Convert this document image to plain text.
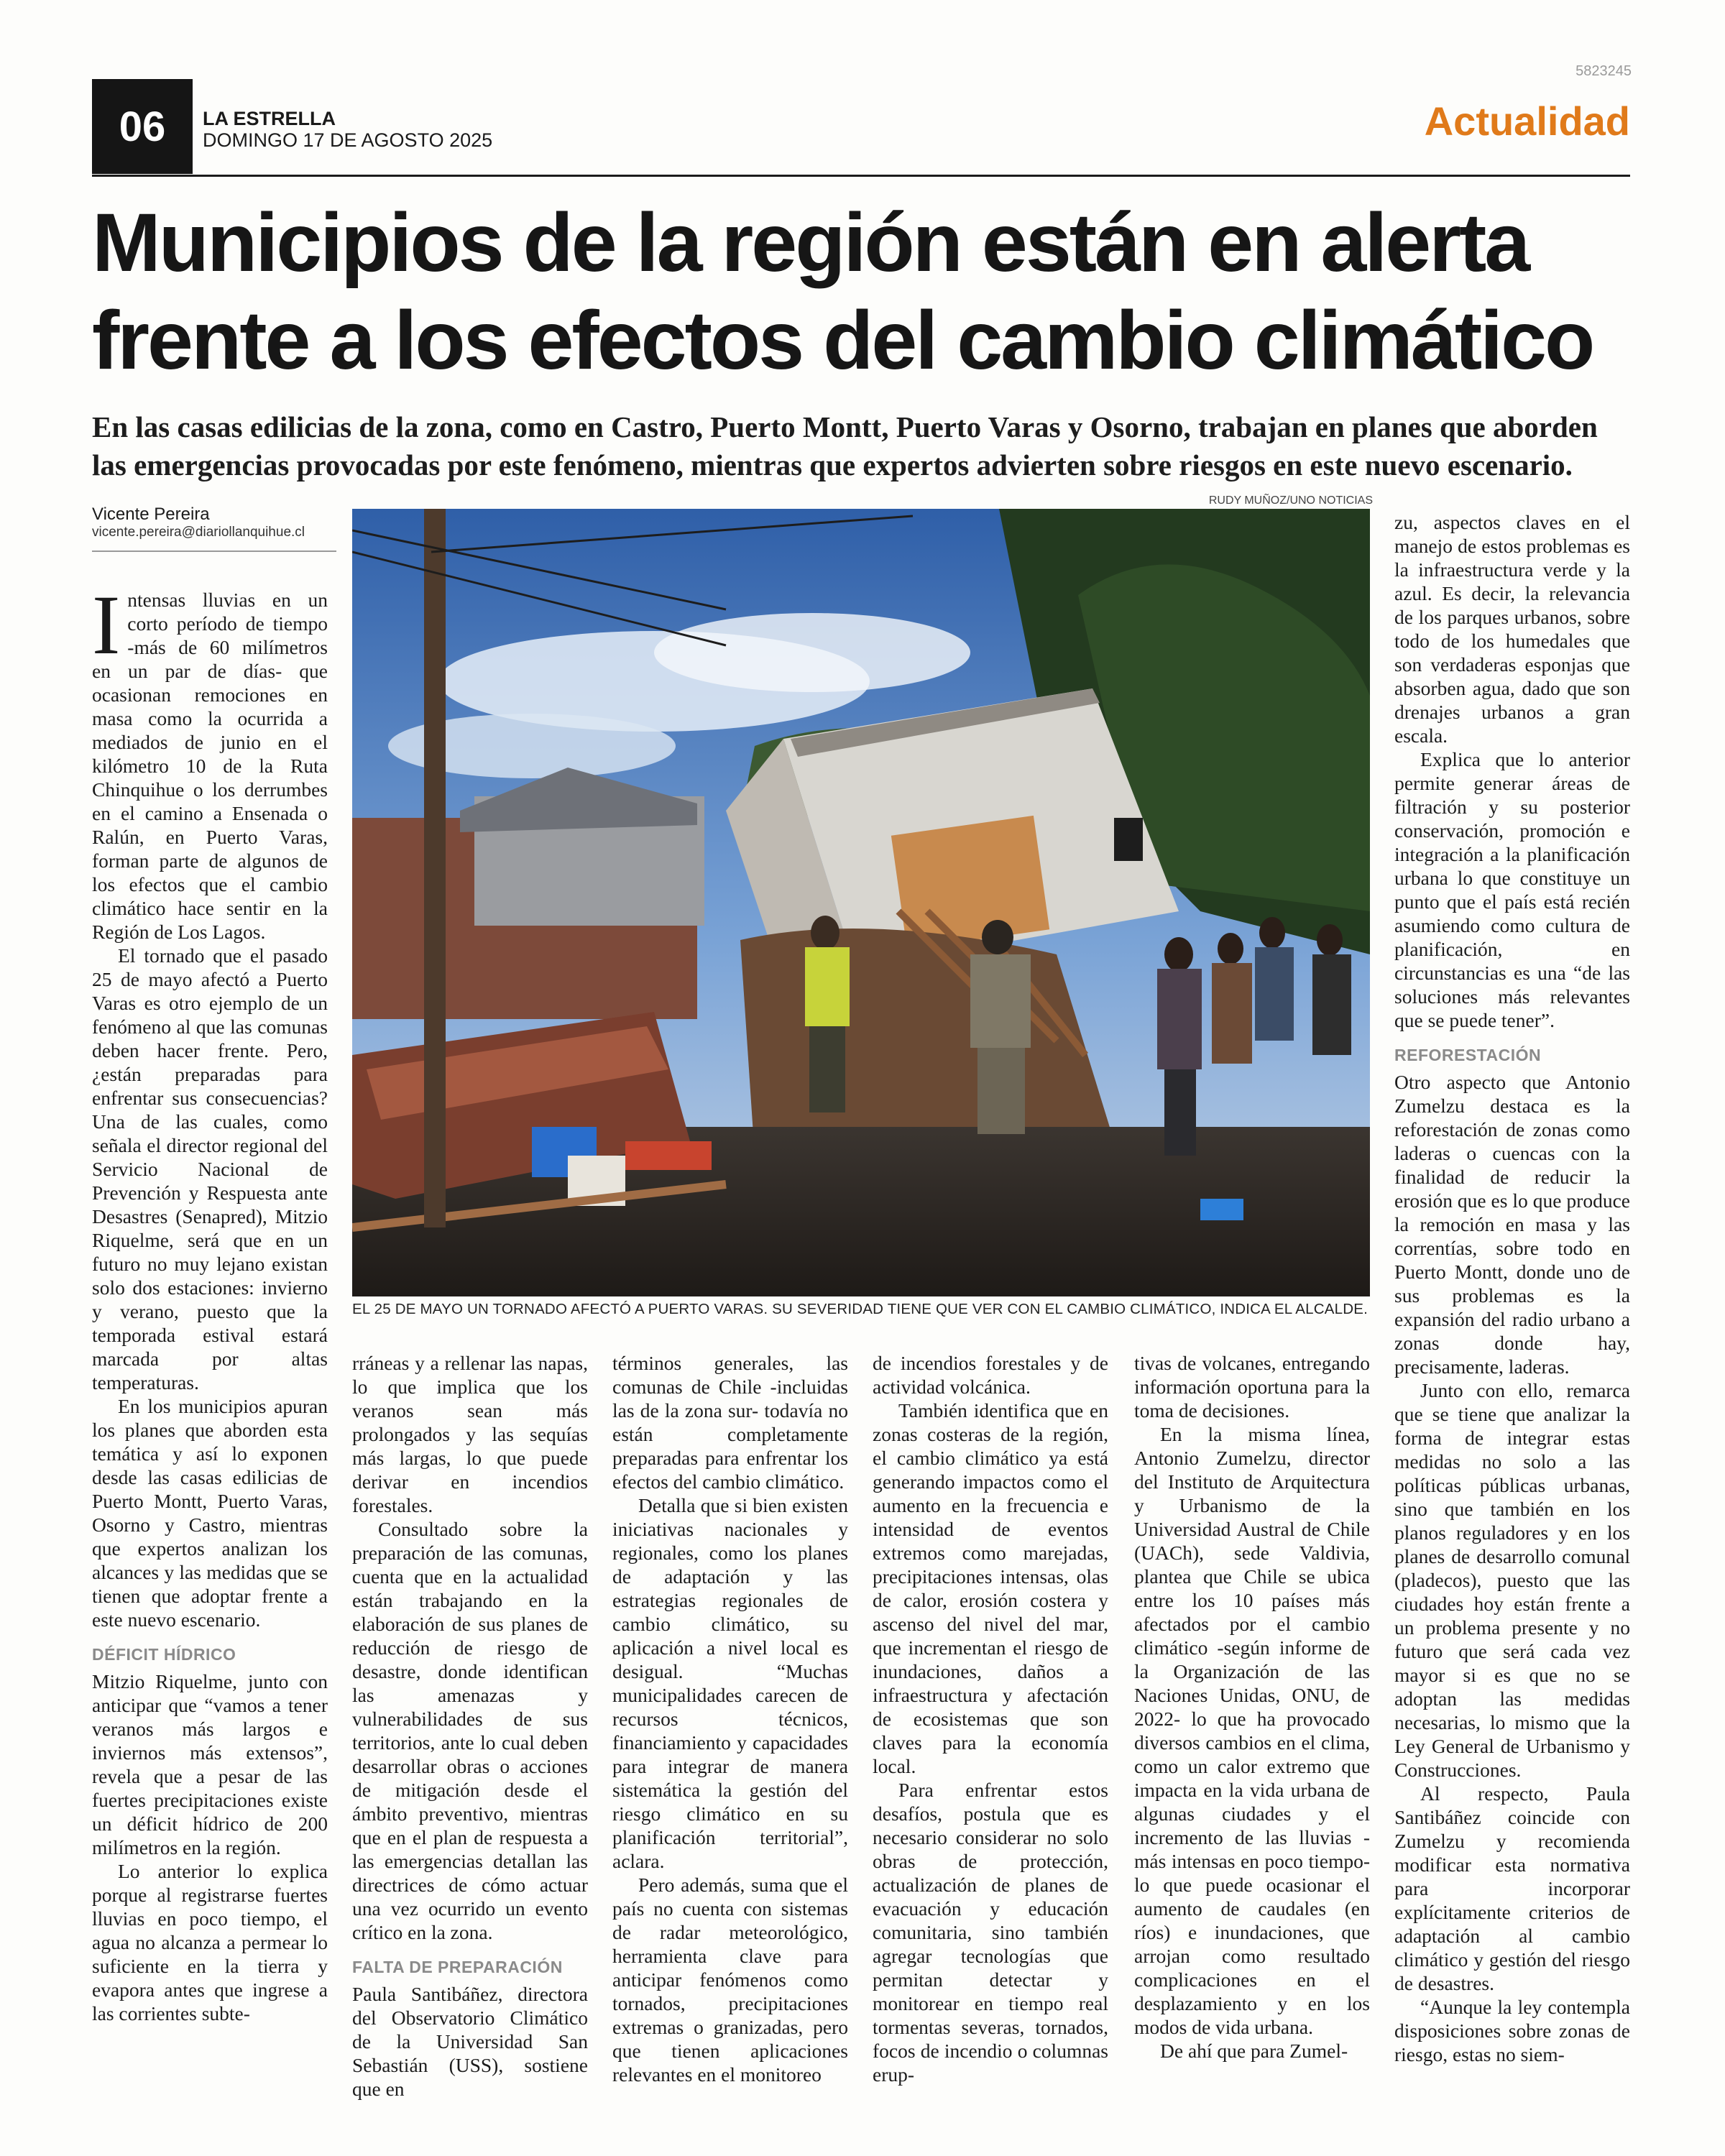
5823245
06	LA ESTRELLA
DOMINGO 17 DE AGOSTO 2025	Actualidad
Municipios de la región están en alerta frente a los efectos del cambio climático
En las casas edilicias de la zona, como en Castro, Puerto Montt, Puerto Varas y Osorno, trabajan en planes que aborden las emergencias provocadas por este fenómeno, mientras que expertos advierten sobre riesgos en este nuevo escenario.
Vicente Pereira
vicente.pereira@diariollanquihue.cl
RUDY MUÑOZ/UNO NOTICIAS
EL 25 DE MAYO UN TORNADO AFECTÓ A PUERTO VARAS. SU SEVERIDAD TIENE QUE VER CON EL CAMBIO CLIMÁTICO, INDICA EL ALCALDE.
I ntensas lluvias en un corto período de tiempo -más de 60 milímetros en un par de días- que ocasionan remociones en masa como la ocurrida a mediados de junio en el kilómetro 10 de la Ruta Chinquihue o los derrumbes en el camino a Ensenada o Ralún, en Puerto Varas, forman parte de algunos de los efectos que el cambio climático hace sentir en la Región de Los Lagos.

El tornado que el pasado 25 de mayo afectó a Puerto Varas es otro ejemplo de un fenómeno al que las comunas deben hacer frente. Pero, ¿están preparadas para enfrentar sus consecuencias? Una de las cuales, como señala el director regional del Servicio Nacional de Prevención y Respuesta ante Desastres (Senapred), Mitzio Riquelme, será que en un futuro no muy lejano existan solo dos estaciones: invierno y verano, puesto que la temporada estival estará marcada por altas temperaturas.

En los municipios apuran los planes que aborden esta temática y así lo exponen desde las casas edilicias de Puerto Montt, Puerto Varas, Osorno y Castro, mientras que expertos analizan los alcances y las medidas que se tienen que adoptar frente a este nuevo escenario.

DÉFICIT HÍDRICO

Mitzio Riquelme, junto con anticipar que “vamos a tener veranos más largos e inviernos más extensos”, revela que a pesar de las fuertes precipitaciones existe un déficit hídrico de 200 milímetros en la región.

Lo anterior lo explica porque al registrarse fuertes lluvias en poco tiempo, el agua no alcanza a permear lo suficiente en la tierra y evapora antes que ingrese a las corrientes subte-

rráneas y a rellenar las napas, lo que implica que los veranos sean más prolongados y las sequías más largas, lo que puede derivar en incendios forestales.

Consultado sobre la preparación de las comunas, cuenta que en la actualidad están trabajando en la elaboración de sus planes de reducción de riesgo de desastre, donde identifican las amenazas y vulnerabilidades de sus territorios, ante lo cual deben desarrollar obras o acciones de mitigación desde el ámbito preventivo, mientras que en el plan de respuesta a las emergencias detallan las directrices de cómo actuar una vez ocurrido un evento crítico en la zona.

FALTA DE PREPARACIÓN

Paula Santibáñez, directora del Observatorio Climático de la Universidad San Sebastián (USS), sostiene que en

términos generales, las comunas de Chile -incluidas las de la zona sur- todavía no están completamente preparadas para enfrentar los efectos del cambio climático.

Detalla que si bien existen iniciativas nacionales y regionales, como los planes de adaptación y las estrategias regionales de cambio climático, su aplicación a nivel local es desigual. “Muchas municipalidades carecen de recursos técnicos, financiamiento y capacidades para integrar de manera sistemática la gestión del riesgo climático en su planificación territorial”, aclara.

Pero además, suma que el país no cuenta con sistemas de radar meteorológico, herramienta clave para anticipar fenómenos como tornados, precipitaciones extremas o granizadas, pero que tienen aplicaciones relevantes en el monitoreo

de incendios forestales y de actividad volcánica.

También identifica que en zonas costeras de la región, el cambio climático ya está generando impactos como el aumento en la frecuencia e intensidad de eventos extremos como marejadas, precipitaciones intensas, olas de calor, erosión costera y ascenso del nivel del mar, que incrementan el riesgo de inundaciones, daños a infraestructura y afectación de ecosistemas que son claves para la economía local.

Para enfrentar estos desafíos, postula que es necesario considerar no solo obras de protección, actualización de planes de evacuación y educación comunitaria, sino también agregar tecnologías que permitan detectar y monitorear en tiempo real tormentas severas, tornados, focos de incendio o columnas erup-

tivas de volcanes, entregando información oportuna para la toma de decisiones.

En la misma línea, Antonio Zumelzu, director del Instituto de Arquitectura y Urbanismo de la Universidad Austral de Chile (UACh), sede Valdivia, plantea que Chile se ubica entre los 10 países más afectados por el cambio climático -según informe de la Organización de las Naciones Unidas, ONU, de 2022- lo que ha provocado diversos cambios en el clima, como un calor extremo que impacta en la vida urbana de algunas ciudades y el incremento de las lluvias -más intensas en poco tiempo- lo que puede ocasionar el aumento de caudales (en ríos) e inundaciones, que arrojan como resultado complicaciones en el desplazamiento y en los modos de vida urbana.

De ahí que para Zumel-

zu, aspectos claves en el manejo de estos problemas es la infraestructura verde y la azul. Es decir, la relevancia de los parques urbanos, sobre todo de los humedales que son verdaderas esponjas que absorben agua, dado que son drenajes urbanos a gran escala.

Explica que lo anterior permite generar áreas de filtración y su posterior conservación, promoción e integración a la planificación urbana lo que constituye un punto que el país está recién asumiendo como cultura de planificación, en circunstancias es una “de las soluciones más relevantes que se puede tener”.

REFORESTACIÓN

Otro aspecto que Antonio Zumelzu destaca es la reforestación de zonas como laderas o cuencas con la finalidad de reducir la erosión que es lo que produce la remoción en masa y las correntías, sobre todo en Puerto Montt, donde uno de sus problemas es la expansión del radio urbano a zonas donde hay, precisamente, laderas.

Junto con ello, remarca que se tiene que analizar la forma de integrar estas medidas no solo a las políticas públicas urbanas, sino que también en los planos reguladores y en los planes de desarrollo comunal (pladecos), puesto que las ciudades hoy están frente a un problema presente y no futuro que será cada vez mayor si es que no se adoptan las medidas necesarias, lo mismo que la Ley General de Urbanismo y Construcciones.

Al respecto, Paula Santibáñez coincide con Zumelzu y recomienda modificar esta normativa para incorporar explícitamente criterios de adaptación al cambio climático y gestión del riesgo de desastres.

“Aunque la ley contempla disposiciones sobre zonas de riesgo, estas no siem-
